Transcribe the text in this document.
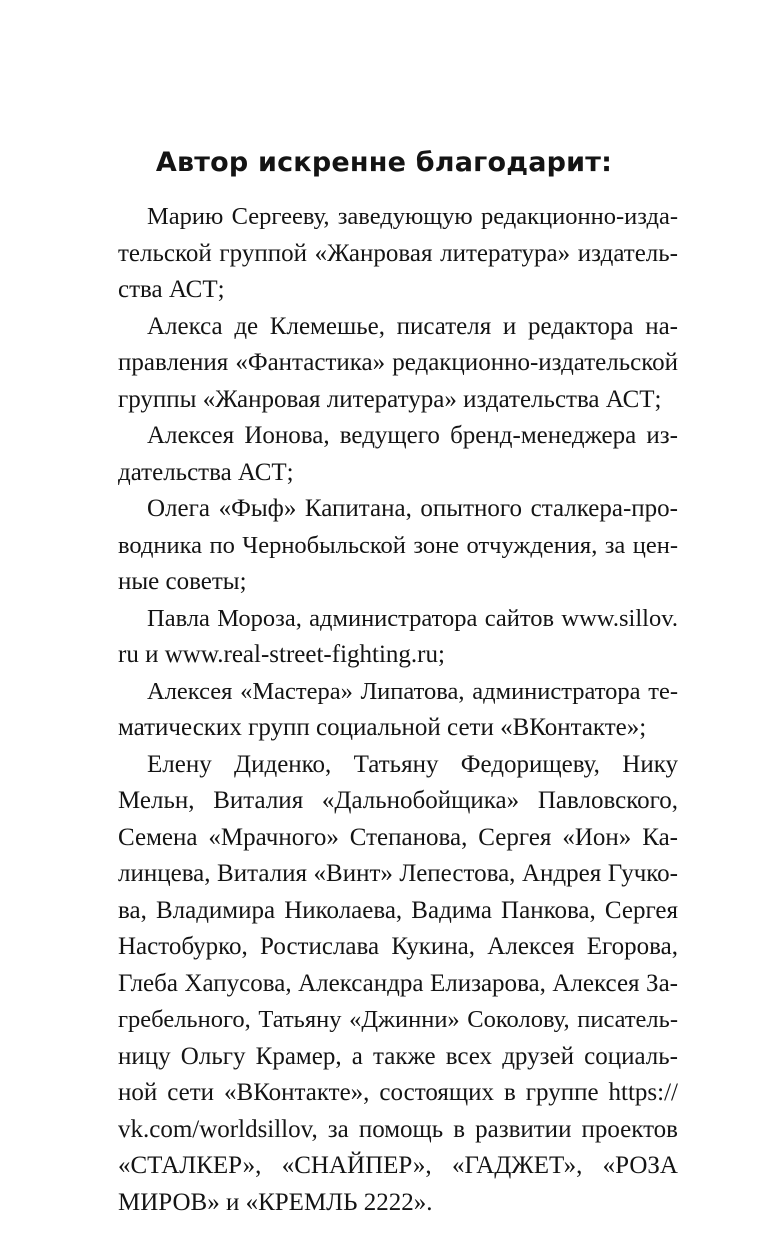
Автор искренне благодарит:
Марию Сергееву, заведующую редакционно-изда-
тельской группой «Жанровая литература» издатель-
ства АСТ;
Алекса де Клемешье, писателя и редактора на-
правления «Фантастика» редакционно-издательской
группы «Жанровая литература» издательства АСТ;
Алексея Ионова, ведущего бренд-менеджера из-
дательства АСТ;
Олега «Фыф» Капитана, опытного сталкера-про-
водника по Чернобыльской зоне отчуждения, за цен-
ные советы;
Павла Мороза, администратора сайтов www.sillov.
ru и www.real-street-fighting.ru;
Алексея «Мастера» Липатова, администратора те-
матических групп социальной сети «ВКонтакте»;
Елену Диденко, Татьяну Федорищеву, Нику
Мельн, Виталия «Дальнобойщика» Павловского,
Семена «Мрачного» Степанова, Сергея «Ион» Ка-
линцева, Виталия «Винт» Лепестова, Андрея Гучко-
ва, Владимира Николаева, Вадима Панкова, Сергея
Настобурко, Ростислава Кукина, Алексея Егорова,
Глеба Хапусова, Александра Елизарова, Алексея За-
гребельного, Татьяну «Джинни» Соколову, писатель-
ницу Ольгу Крамер, а также всех друзей социаль-
ной сети «ВКонтакте», состоящих в группе https://
vk.com/worldsillov, за помощь в развитии проектов
«СТАЛКЕР», «СНАЙПЕР», «ГАДЖЕТ», «РОЗА
МИРОВ» и «КРЕМЛЬ 2222».
